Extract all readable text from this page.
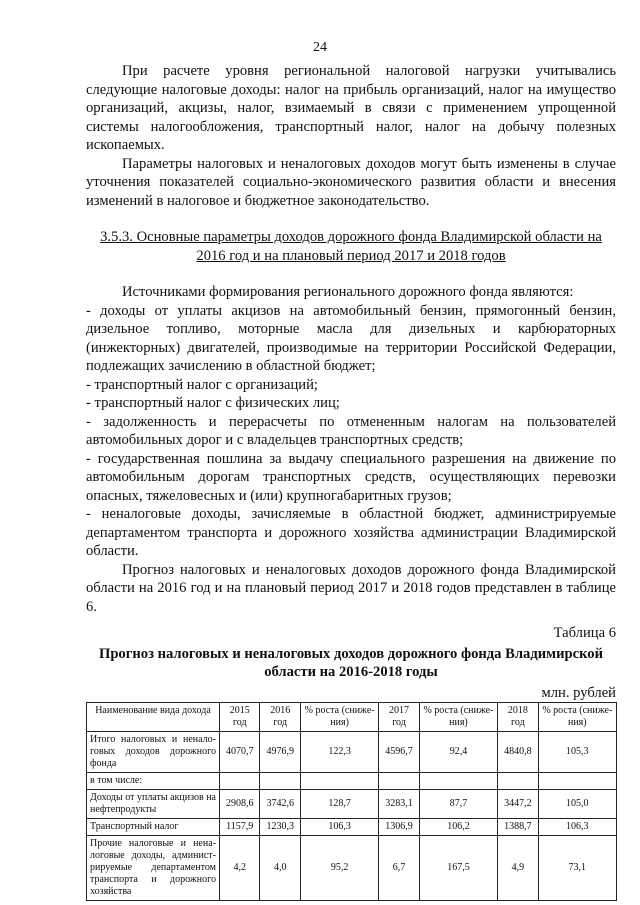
24

При расчете уровня региональной налоговой нагрузки учитывались следующие налоговые доходы: налог на прибыль организаций, налог на имущество организаций, акцизы, налог, взимаемый в связи с применением упрощенной системы налогообложения, транспортный налог, налог на добычу полезных ископаемых.

Параметры налоговых и неналоговых доходов могут быть изменены в случае уточнения показателей социально-экономического развития области и внесения изменений в налоговое и бюджетное законодательство.

3.5.3. Основные параметры доходов дорожного фонда Владимирской области на 2016 год и на плановый период 2017 и 2018 годов

Источниками формирования регионального дорожного фонда являются:

- доходы от уплаты акцизов на автомобильный бензин, прямогонный бензин, дизельное топливо, моторные масла для дизельных и карбюраторных (инжекторных) двигателей, производимые на территории Российской Федерации, подлежащих зачислению в областной бюджет;

- транспортный налог с организаций;

- транспортный налог с физических лиц;

- задолженность и перерасчеты по отмененным налогам на пользователей автомобильных дорог и с владельцев транспортных средств;

- государственная пошлина за выдачу специального разрешения на движение по автомобильным дорогам транспортных средств, осуществляющих перевозки опасных, тяжеловесных и (или) крупногабаритных грузов;

- неналоговые доходы, зачисляемые в областной бюджет, администрируемые департаментом транспорта и дорожного хозяйства администрации Владимирской области.

Прогноз налоговых и неналоговых доходов дорожного фонда Владимирской области на 2016 год и на плановый период 2017 и 2018 годов представлен в таблице 6.

Таблица 6

Прогноз налоговых и неналоговых доходов дорожного фонда Владимирской области на 2016-2018 годы

млн. рублей

Наименование вида дохода	2015 год	2016 год	% роста (сниже-ния)	2017 год	% роста (сниже-ния)	2018 год	% роста (сниже-ния)
Итого налоговых и ненало-говых доходов дорожного фонда	4070,7	4976,9	122,3	4596,7	92,4	4840,8	105,3
в том числе:							
Доходы от уплаты акцизов на нефтепродукты	2908,6	3742,6	128,7	3283,1	87,7	3447,2	105,0
Транспортный налог	1157,9	1230,3	106,3	1306,9	106,2	1388,7	106,3
Прочие налоговые и нена-логовые доходы, админист-рируемые департаментом транспорта и дорожного хозяйства	4,2	4,0	95,2	6,7	167,5	4,9	73,1
